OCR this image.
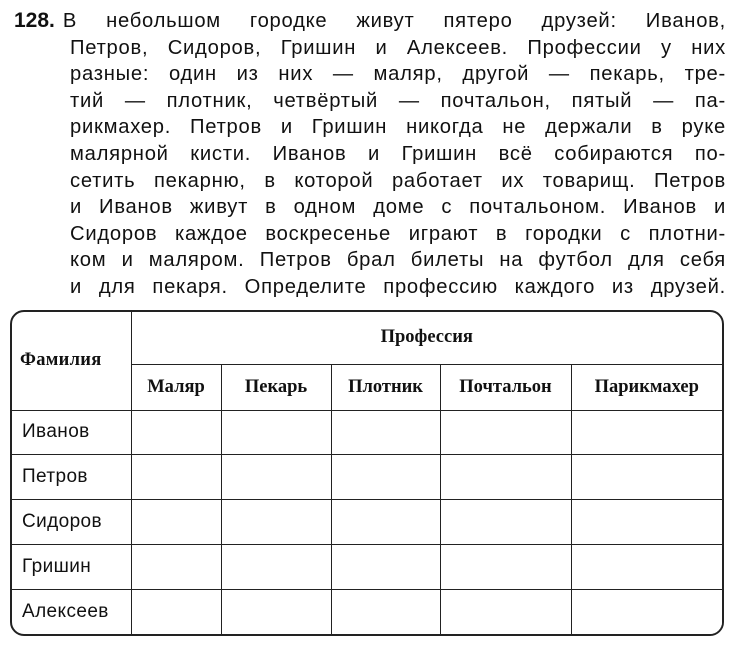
128. В небольшом городке живут пятеро друзей: Иванов,
Петров, Сидоров, Гришин и Алексеев. Профессии у них
разные: один из них — маляр, другой — пекарь, тре-
тий — плотник, четвёртый — почтальон, пятый — па-
рикмахер. Петров и Гришин никогда не держали в руке
малярной кисти. Иванов и Гришин всё собираются по-
сетить пекарню, в которой работает их товарищ. Петров
и Иванов живут в одном доме с почтальоном. Иванов и
Сидоров каждое воскресенье играют в городки с плотни-
ком и маляром. Петров брал билеты на футбол для себя
и для пекаря. Определите профессию каждого из друзей.
Фамилия	Профессия				
	Маляр	Пекарь	Плотник	Почтальон	Парикмахер
Иванов					
Петров					
Сидоров					
Гришин					
Алексеев					
